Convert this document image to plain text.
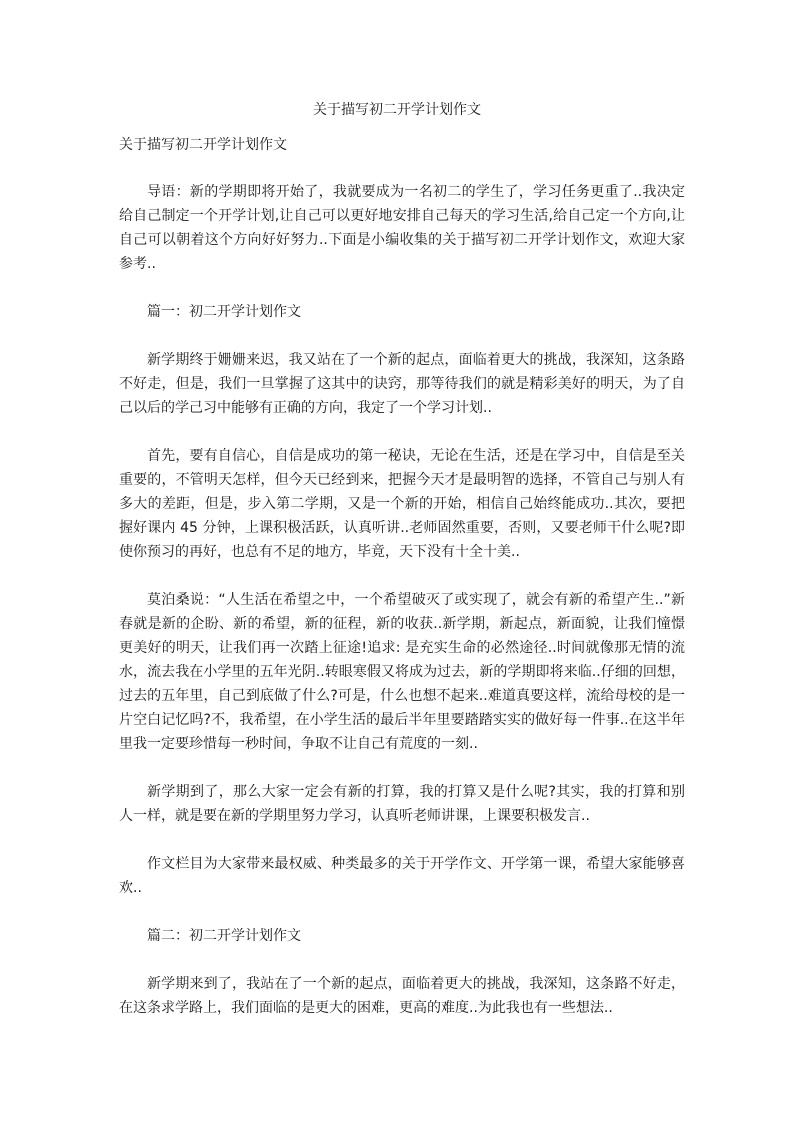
关于描写初二开学计划作文
关于描写初二开学计划作文

导语：新的学期即将开始了，我就要成为一名初二的学生了，学习任务更重了..我决定给自己制定一个开学计划,让自己可以更好地安排自己每天的学习生活,给自己定一个方向,让自己可以朝着这个方向好好努力..下面是小编收集的关于描写初二开学计划作文，欢迎大家参考..

篇一：初二开学计划作文

新学期终于姗姗来迟，我又站在了一个新的起点，面临着更大的挑战，我深知，这条路不好走，但是，我们一旦掌握了这其中的诀窍，那等待我们的就是精彩美好的明天，为了自己以后的学己习中能够有正确的方向，我定了一个学习计划..

首先，要有自信心，自信是成功的第一秘诀，无论在生活，还是在学习中，自信是至关重要的，不管明天怎样，但今天已经到来，把握今天才是最明智的选择，不管自己与别人有多大的差距，但是，步入第二学期，又是一个新的开始，相信自己始终能成功..其次，要把握好课内 45 分钟，上课积极活跃，认真听讲..老师固然重要，否则，又要老师干什么呢?即使你预习的再好，也总有不足的地方，毕竟，天下没有十全十美..

莫泊桑说：“人生活在希望之中，一个希望破灭了或实现了，就会有新的希望产生..”新春就是新的企盼、新的希望，新的征程，新的收获..新学期，新起点，新面貌，让我们憧憬更美好的明天，让我们再一次踏上征途!追求: 是充实生命的必然途径..时间就像那无情的流水，流去我在小学里的五年光阴..转眼寒假又将成为过去，新的学期即将来临..仔细的回想，过去的五年里，自己到底做了什么?可是，什么也想不起来..难道真要这样，流给母校的是一片空白记忆吗?不，我希望，在小学生活的最后半年里要踏踏实实的做好每一件事..在这半年里我一定要珍惜每一秒时间，争取不让自己有荒度的一刻..

新学期到了，那么大家一定会有新的打算，我的打算又是什么呢?其实，我的打算和别人一样，就是要在新的学期里努力学习，认真听老师讲课，上课要积极发言..

作文栏目为大家带来最权威、种类最多的关于开学作文、开学第一课，希望大家能够喜欢..

篇二：初二开学计划作文

新学期来到了，我站在了一个新的起点，面临着更大的挑战，我深知，这条路不好走，在这条求学路上，我们面临的是更大的困难，更高的难度..为此我也有一些想法..
